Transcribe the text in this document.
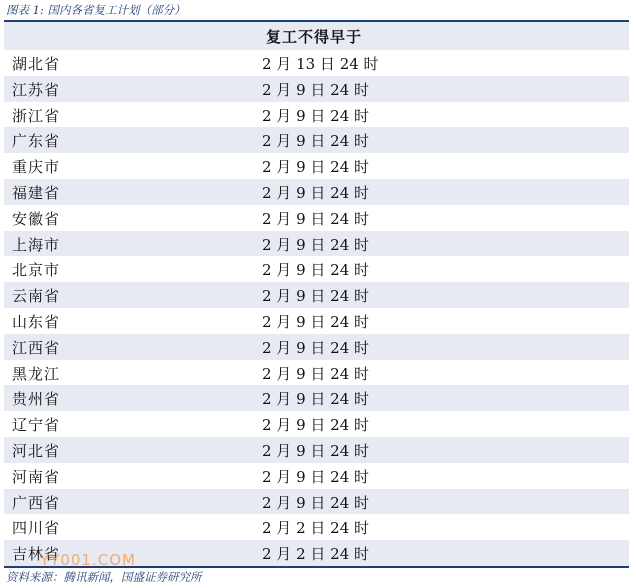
图表 1: 国内各省复工计划（部分）
复工不得早于
湖北省	2 月 13 日 24 时
江苏省	2 月 9 日 24 时
浙江省	2 月 9 日 24 时
广东省	2 月 9 日 24 时
重庆市	2 月 9 日 24 时
福建省	2 月 9 日 24 时
安徽省	2 月 9 日 24 时
上海市	2 月 9 日 24 时
北京市	2 月 9 日 24 时
云南省	2 月 9 日 24 时
山东省	2 月 9 日 24 时
江西省	2 月 9 日 24 时
黑龙江	2 月 9 日 24 时
贵州省	2 月 9 日 24 时
辽宁省	2 月 9 日 24 时
河北省	2 月 9 日 24 时
河南省	2 月 9 日 24 时
广西省	2 月 9 日 24 时
四川省	2 月 2 日 24 时
吉林省	2 月 2 日 24 时
资料来源：腾讯新闻，国盛证券研究所
YY001.COM
